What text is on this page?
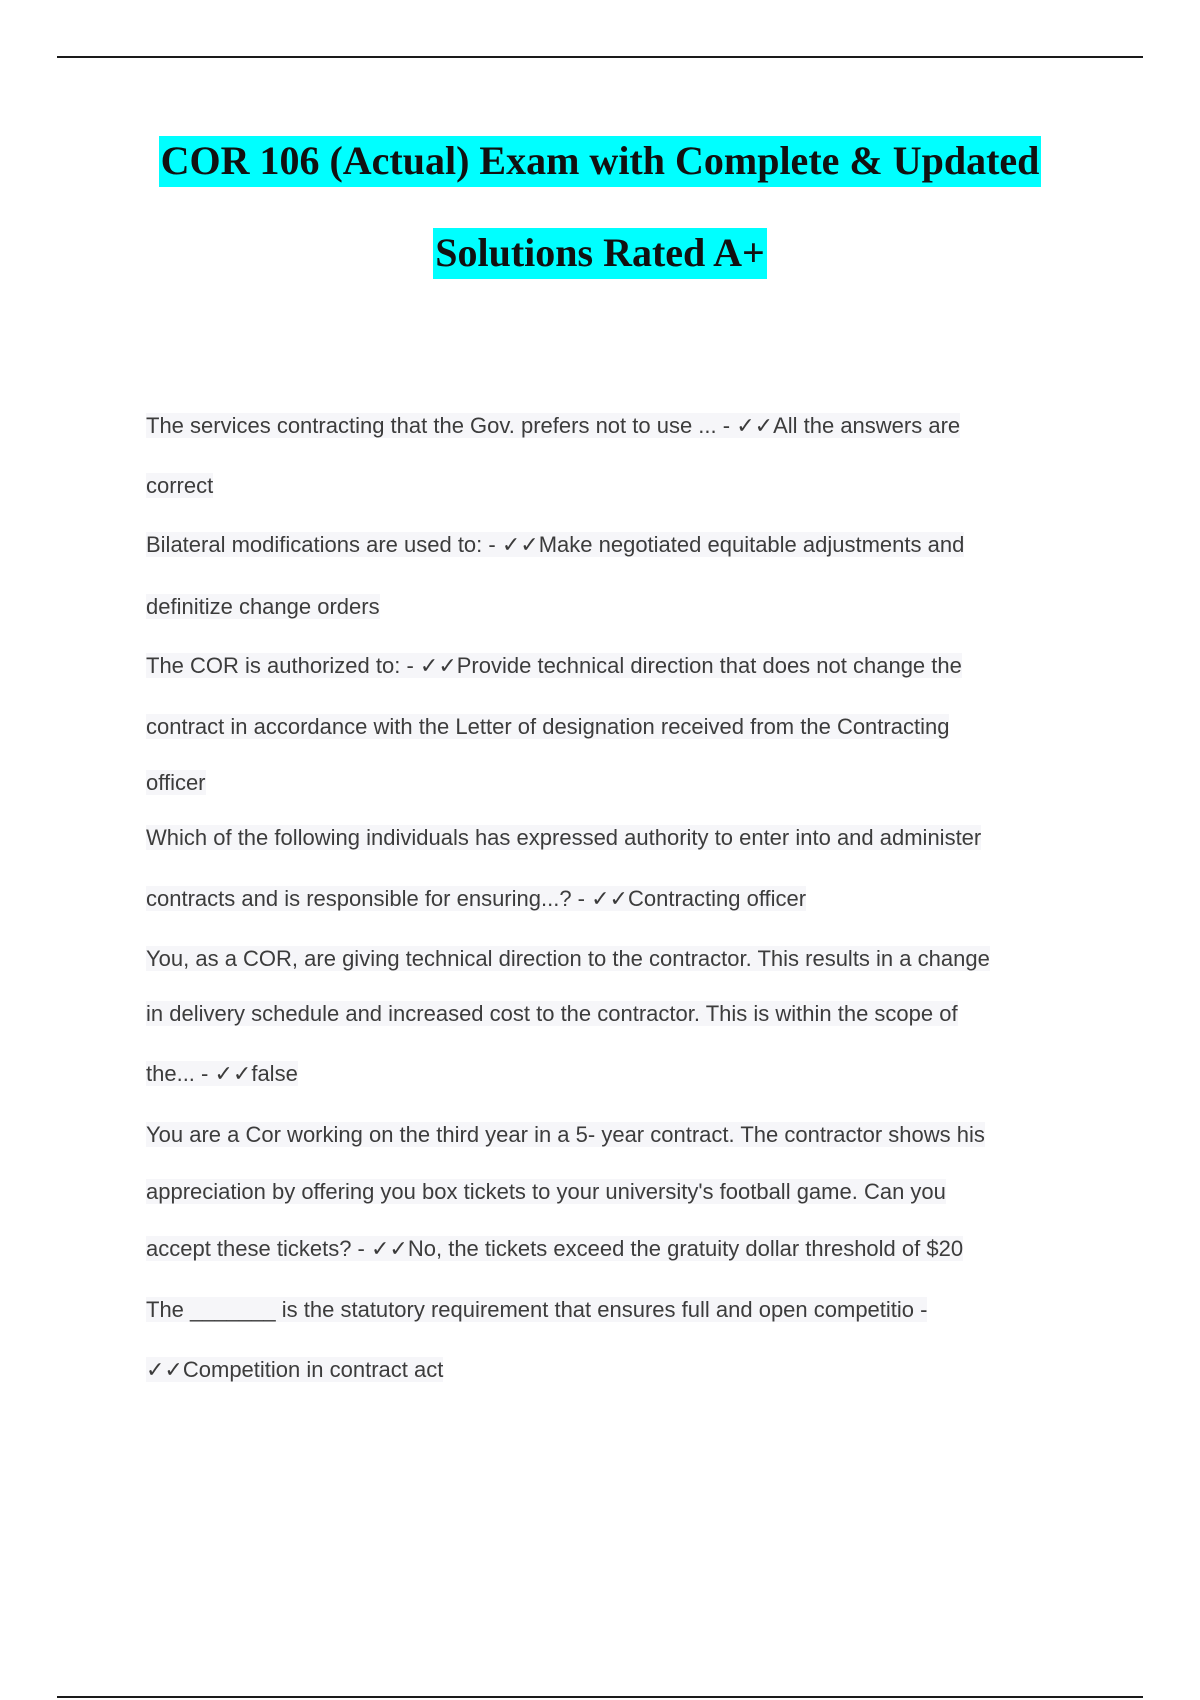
COR 106 (Actual) Exam with Complete & Updated
Solutions Rated A+
The services contracting that the Gov. prefers not to use ... - ✓✓All the answers are
correct
Bilateral modifications are used to: - ✓✓Make negotiated equitable adjustments and
definitize change orders
The COR is authorized to: - ✓✓Provide technical direction that does not change the
contract in accordance with the Letter of designation received from the Contracting
officer
Which of the following individuals has expressed authority to enter into and administer
contracts and is responsible for ensuring...? - ✓✓Contracting officer
You, as a COR, are giving technical direction to the contractor. This results in a change
in delivery schedule and increased cost to the contractor. This is within the scope of
the... - ✓✓false
You are a Cor working on the third year in a 5- year contract. The contractor shows his
appreciation by offering you box tickets to your university's football game. Can you
accept these tickets? - ✓✓No, the tickets exceed the gratuity dollar threshold of $20
The _______ is the statutory requirement that ensures full and open competitio -
✓✓Competition in contract act
